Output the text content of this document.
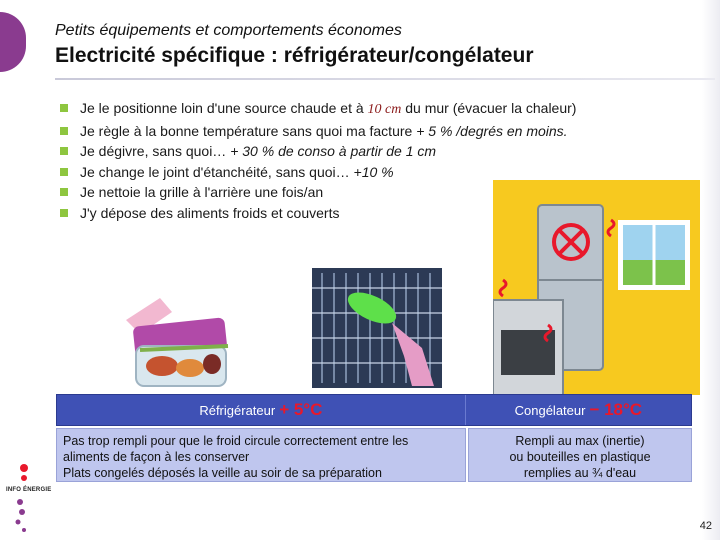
Petits équipements et comportements économes
Electricité spécifique : réfrigérateur/congélateur
Je le positionne loin d'une source chaude et à 10 cm du mur (évacuer la chaleur)
Je règle à la bonne température sans quoi ma facture + 5 % /degrés en moins.
Je dégivre, sans quoi… + 30 % de conso à partir de 1 cm
Je change le joint d'étanchéité, sans quoi… +10 %
Je nettoie la grille à l'arrière une fois/an
J'y dépose des aliments froids et couverts
Réfrigérateur + 5°C	Congélateur − 18°C
Pas trop rempli pour que le froid circule correctement entre les
aliments de façon à les conserver
Plats congelés déposés la veille au soir de sa préparation
Rempli au max (inertie)
ou bouteilles en plastique
remplies au ¾ d'eau
INFO ÉNERGIE
42
